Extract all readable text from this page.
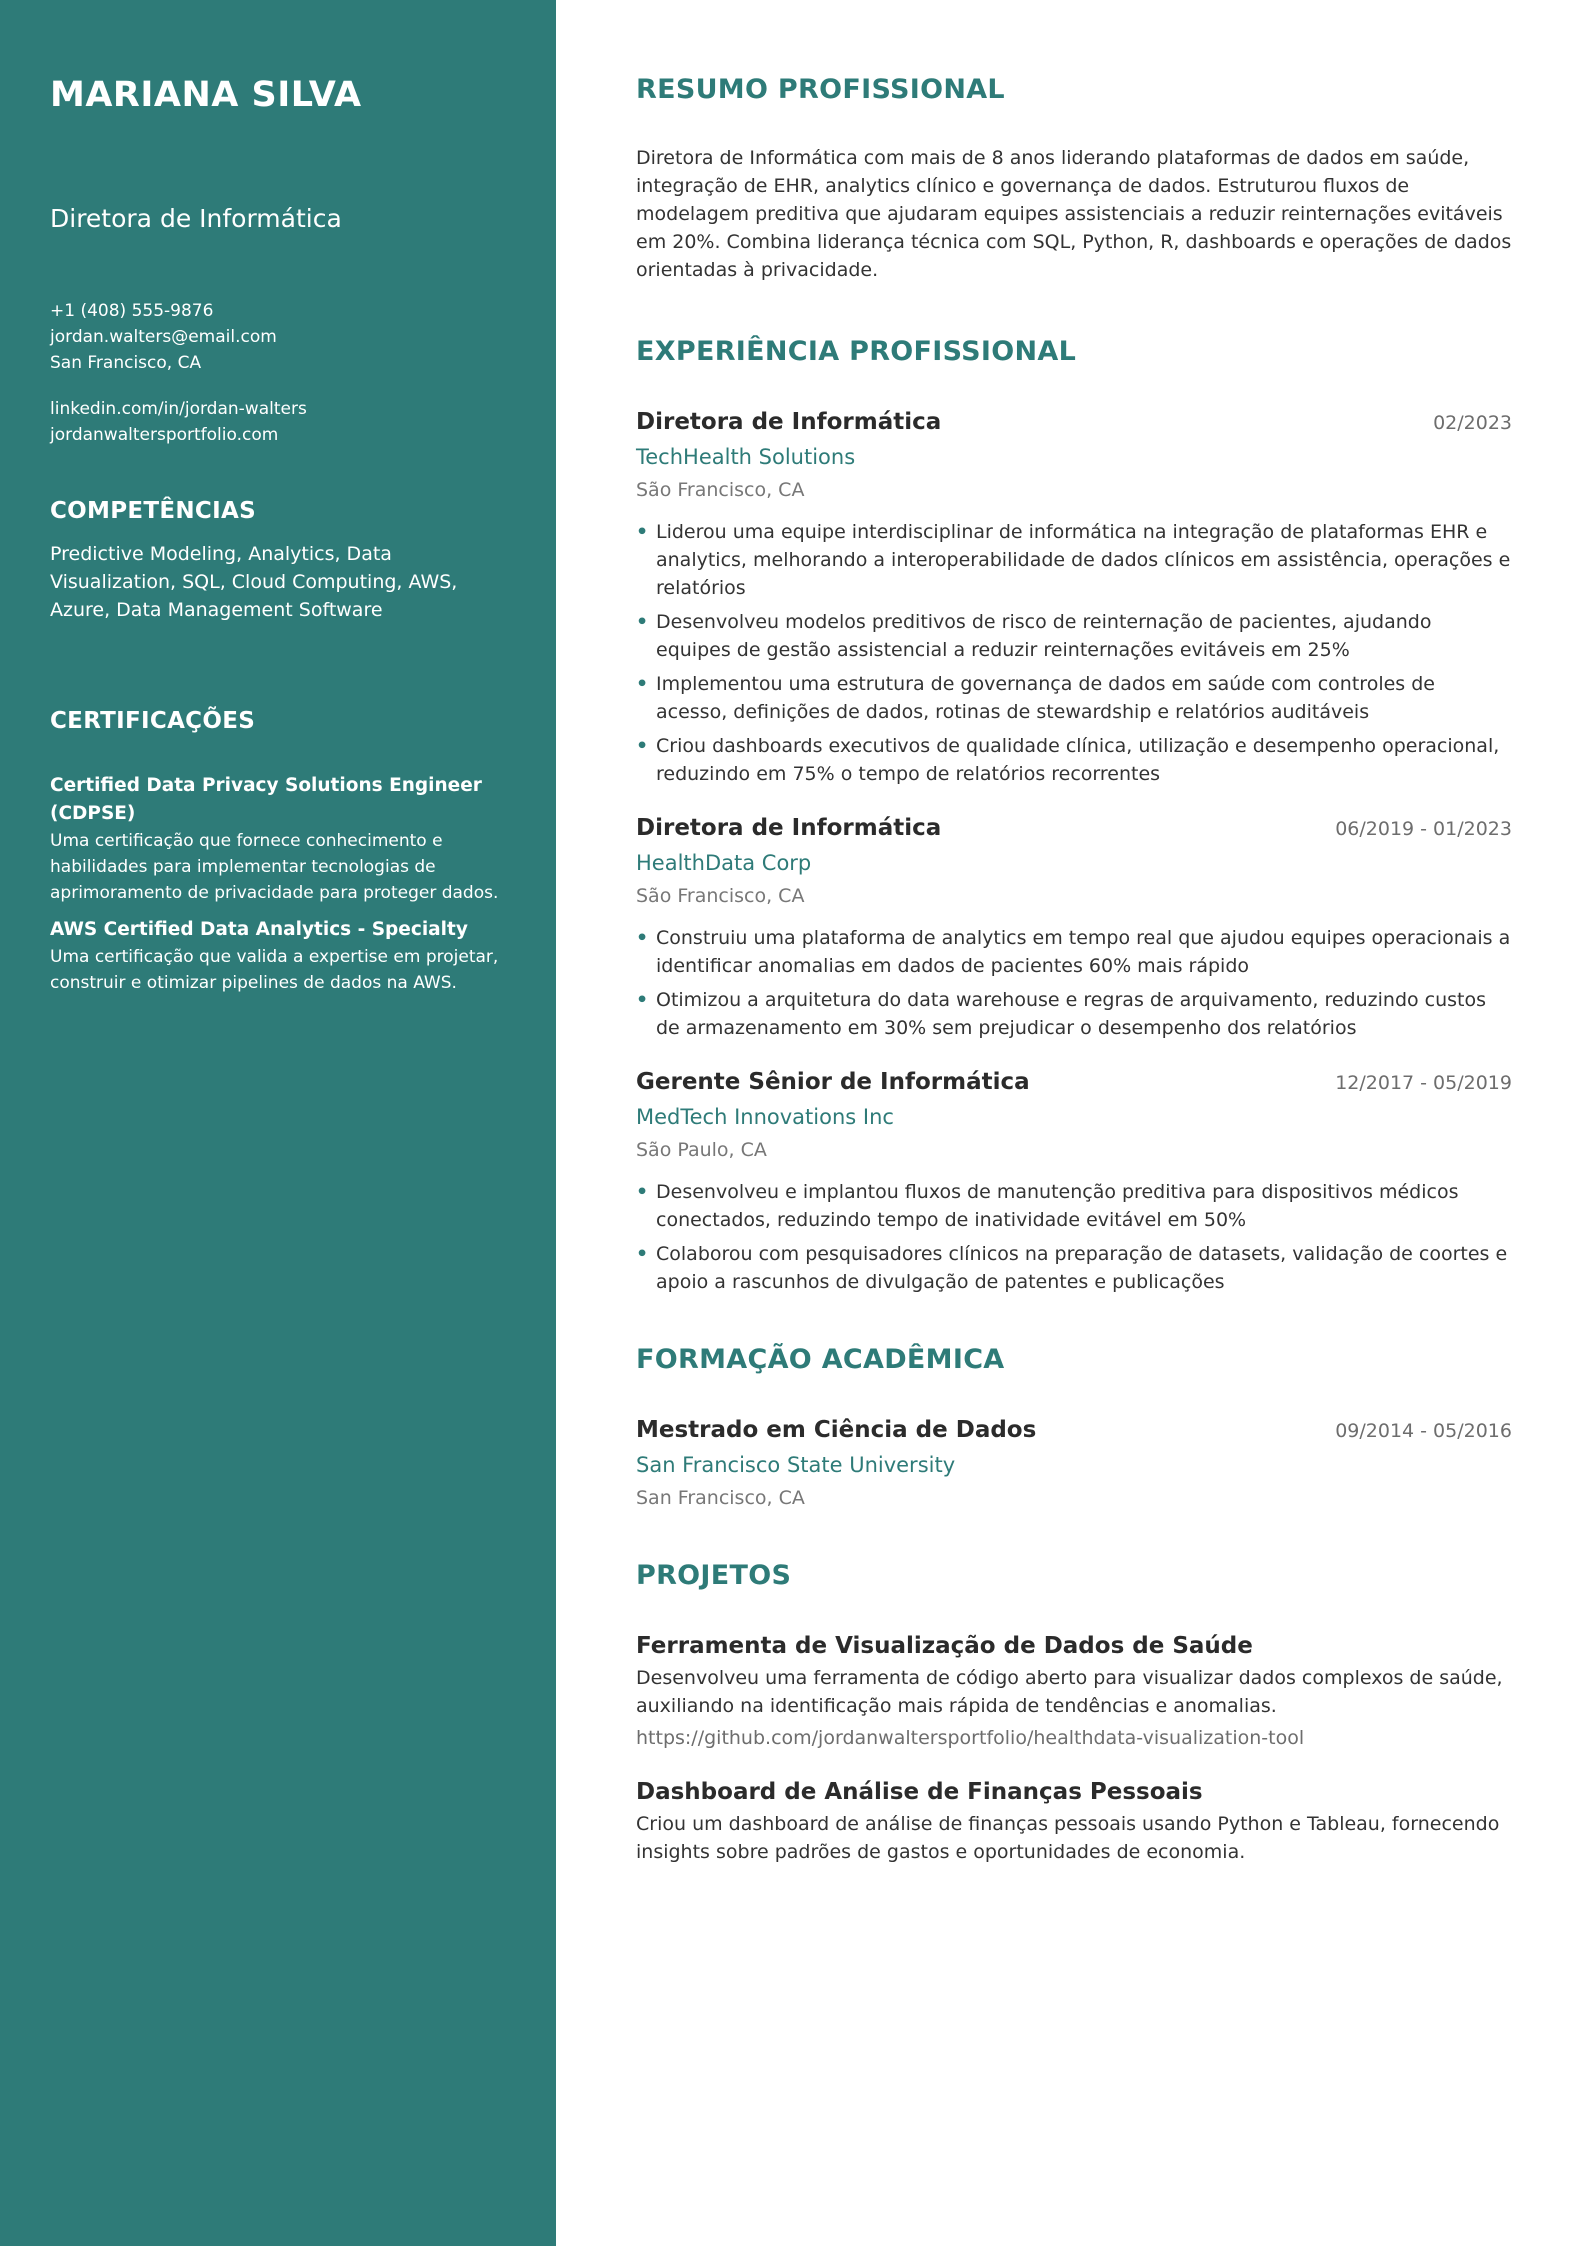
MARIANA SILVA
Diretora de Informática
+1 (408) 555-9876
jordan.walters@email.com
San Francisco, CA
linkedin.com/in/jordan-walters
jordanwaltersportfolio.com
COMPETÊNCIAS

Predictive Modeling, Analytics, Data Visualization, SQL, Cloud Computing, AWS, Azure, Data Management Software

CERTIFICAÇÕES
Certified Data Privacy Solutions Engineer (CDPSE)
Uma certificação que fornece conhecimento e habilidades para implementar tecnologias de aprimoramento de privacidade para proteger dados.
AWS Certified Data Analytics - Specialty
Uma certificação que valida a expertise em projetar, construir e otimizar pipelines de dados na AWS.
RESUMO PROFISSIONAL

Diretora de Informática com mais de 8 anos liderando plataformas de dados em saúde, integração de EHR, analytics clínico e governança de dados. Estruturou fluxos de modelagem preditiva que ajudaram equipes assistenciais a reduzir reinternações evitáveis em 20%. Combina liderança técnica com SQL, Python, R, dashboards e operações de dados orientadas à privacidade.

EXPERIÊNCIA PROFISSIONAL
Diretora de Informática	02/2023
TechHealth Solutions
São Francisco, CA
• Liderou uma equipe interdisciplinar de informática na integração de plataformas EHR e analytics, melhorando a interoperabilidade de dados clínicos em assistência, operações e relatórios
• Desenvolveu modelos preditivos de risco de reinternação de pacientes, ajudando equipes de gestão assistencial a reduzir reinternações evitáveis em 25%
• Implementou uma estrutura de governança de dados em saúde com controles de acesso, definições de dados, rotinas de stewardship e relatórios auditáveis
• Criou dashboards executivos de qualidade clínica, utilização e desempenho operacional, reduzindo em 75% o tempo de relatórios recorrentes
Diretora de Informática	06/2019 - 01/2023
HealthData Corp
São Francisco, CA
• Construiu uma plataforma de analytics em tempo real que ajudou equipes operacionais a identificar anomalias em dados de pacientes 60% mais rápido
• Otimizou a arquitetura do data warehouse e regras de arquivamento, reduzindo custos de armazenamento em 30% sem prejudicar o desempenho dos relatórios
Gerente Sênior de Informática	12/2017 - 05/2019
MedTech Innovations Inc
São Paulo, CA
• Desenvolveu e implantou fluxos de manutenção preditiva para dispositivos médicos conectados, reduzindo tempo de inatividade evitável em 50%
• Colaborou com pesquisadores clínicos na preparação de datasets, validação de coortes e apoio a rascunhos de divulgação de patentes e publicações
FORMAÇÃO ACADÊMICA
Mestrado em Ciência de Dados	09/2014 - 05/2016
San Francisco State University
San Francisco, CA
PROJETOS
Ferramenta de Visualização de Dados de Saúde
Desenvolveu uma ferramenta de código aberto para visualizar dados complexos de saúde, auxiliando na identificação mais rápida de tendências e anomalias.
https://github.com/jordanwaltersportfolio/healthdata-visualization-tool
Dashboard de Análise de Finanças Pessoais
Criou um dashboard de análise de finanças pessoais usando Python e Tableau, fornecendo insights sobre padrões de gastos e oportunidades de economia.
